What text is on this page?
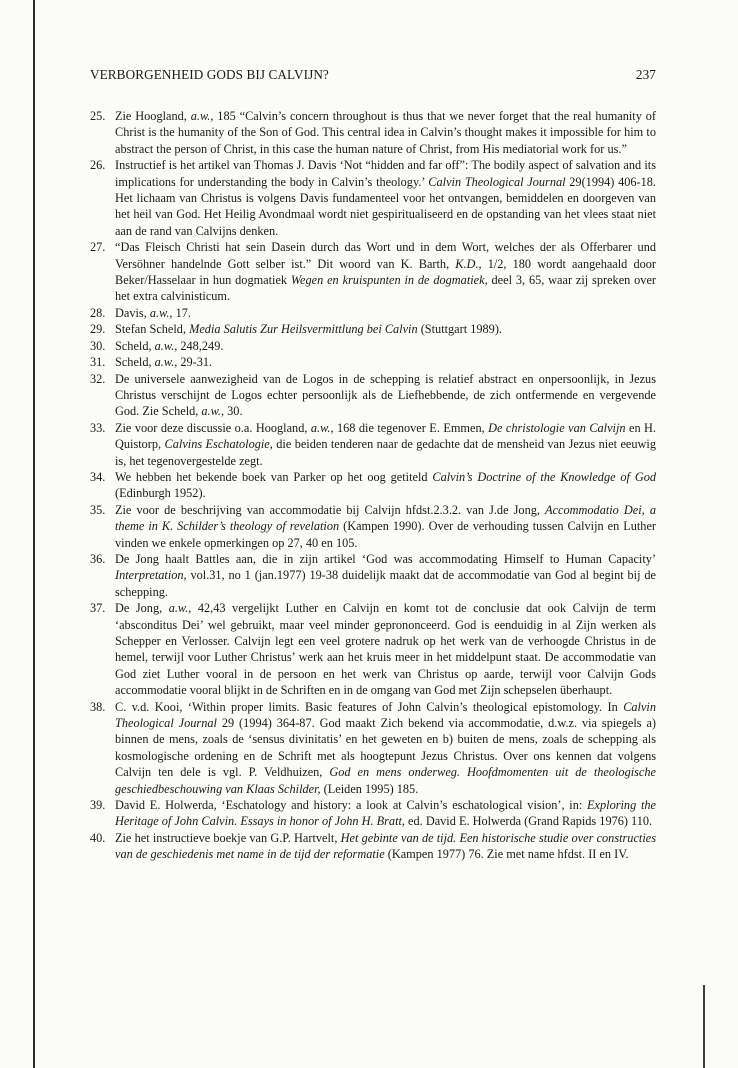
VERBORGENHEID GODS BIJ CALVIJN?	237
25. Zie Hoogland, a.w., 185 “Calvin’s concern throughout is thus that we never forget that the real humanity of Christ is the humanity of the Son of God. This central idea in Calvin’s thought makes it impossible for him to abstract the person of Christ, in this case the human nature of Christ, from His mediatorial work for us.”
26. Instructief is het artikel van Thomas J. Davis ‘Not “hidden and far off”: The bodily aspect of salvation and its implications for understanding the body in Calvin’s theology.’ Calvin Theological Journal 29(1994) 406-18. Het lichaam van Christus is volgens Davis fundamenteel voor het ontvangen, bemiddelen en doorgeven van het heil van God. Het Heilig Avondmaal wordt niet gespiritualiseerd en de opstanding van het vlees staat niet aan de rand van Calvijns denken.
27. “Das Fleisch Christi hat sein Dasein durch das Wort und in dem Wort, welches der als Offerbarer und Versöhner handelnde Gott selber ist.” Dit woord van K. Barth, K.D., 1/2, 180 wordt aangehaald door Beker/Hasselaar in hun dogmatiek Wegen en kruispunten in de dogmatiek, deel 3, 65, waar zij spreken over het extra calvinisticum.
28. Davis, a.w., 17.
29. Stefan Scheld, Media Salutis Zur Heilsvermittlung bei Calvin (Stuttgart 1989).
30. Scheld, a.w., 248,249.
31. Scheld, a.w., 29-31.
32. De universele aanwezigheid van de Logos in de schepping is relatief abstract en onpersoonlijk, in Jezus Christus verschijnt de Logos echter persoonlijk als de Liefhebbende, de zich ontfermende en vergevende God. Zie Scheld, a.w., 30.
33. Zie voor deze discussie o.a. Hoogland, a.w., 168 die tegenover E. Emmen, De christologie van Calvijn en H. Quistorp, Calvins Eschatologie, die beiden tenderen naar de gedachte dat de mensheid van Jezus niet eeuwig is, het tegenovergestelde zegt.
34. We hebben het bekende boek van Parker op het oog getiteld Calvin’s Doctrine of the Knowledge of God (Edinburgh 1952).
35. Zie voor de beschrijving van accommodatie bij Calvijn hfdst.2.3.2. van J.de Jong, Accommodatio Dei, a theme in K. Schilder’s theology of revelation (Kampen 1990). Over de verhouding tussen Calvijn en Luther vinden we enkele opmerkingen op 27, 40 en 105.
36. De Jong haalt Battles aan, die in zijn artikel ‘God was accommodating Himself to Human Capacity’ Interpretation, vol.31, no 1 (jan.1977) 19-38 duidelijk maakt dat de accommodatie van God al begint bij de schepping.
37. De Jong, a.w., 42,43 vergelijkt Luther en Calvijn en komt tot de conclusie dat ook Calvijn de term ‘absconditus Dei’ wel gebruikt, maar veel minder geprononceerd. God is eenduidig in al Zijn werken als Schepper en Verlosser. Calvijn legt een veel grotere nadruk op het werk van de verhoogde Christus in de hemel, terwijl voor Luther Christus’ werk aan het kruis meer in het middelpunt staat. De accommodatie van God ziet Luther vooral in de persoon en het werk van Christus op aarde, terwijl voor Calvijn Gods accommodatie vooral blijkt in de Schriften en in de omgang van God met Zijn schepselen überhaupt.
38. C. v.d. Kooi, ‘Within proper limits. Basic features of John Calvin’s theological epistomology. In Calvin Theological Journal 29 (1994) 364-87. God maakt Zich bekend via accommodatie, d.w.z. via spiegels a) binnen de mens, zoals de ‘sensus divinitatis’ en het geweten en b) buiten de mens, zoals de schepping als kosmologische ordening en de Schrift met als hoogtepunt Jezus Christus. Over ons kennen dat volgens Calvijn ten dele is vgl. P. Veldhuizen, God en mens onderweg. Hoofdmomenten uit de theologische geschiedbeschouwing van Klaas Schilder, (Leiden 1995) 185.
39. David E. Holwerda, ‘Eschatology and history: a look at Calvin’s eschatological vision’, in: Exploring the Heritage of John Calvin. Essays in honor of John H. Bratt, ed. David E. Holwerda (Grand Rapids 1976) 110.
40. Zie het instructieve boekje van G.P. Hartvelt, Het gebinte van de tijd. Een historische studie over constructies van de geschiedenis met name in de tijd der reformatie (Kampen 1977) 76. Zie met name hfdst. II en IV.
